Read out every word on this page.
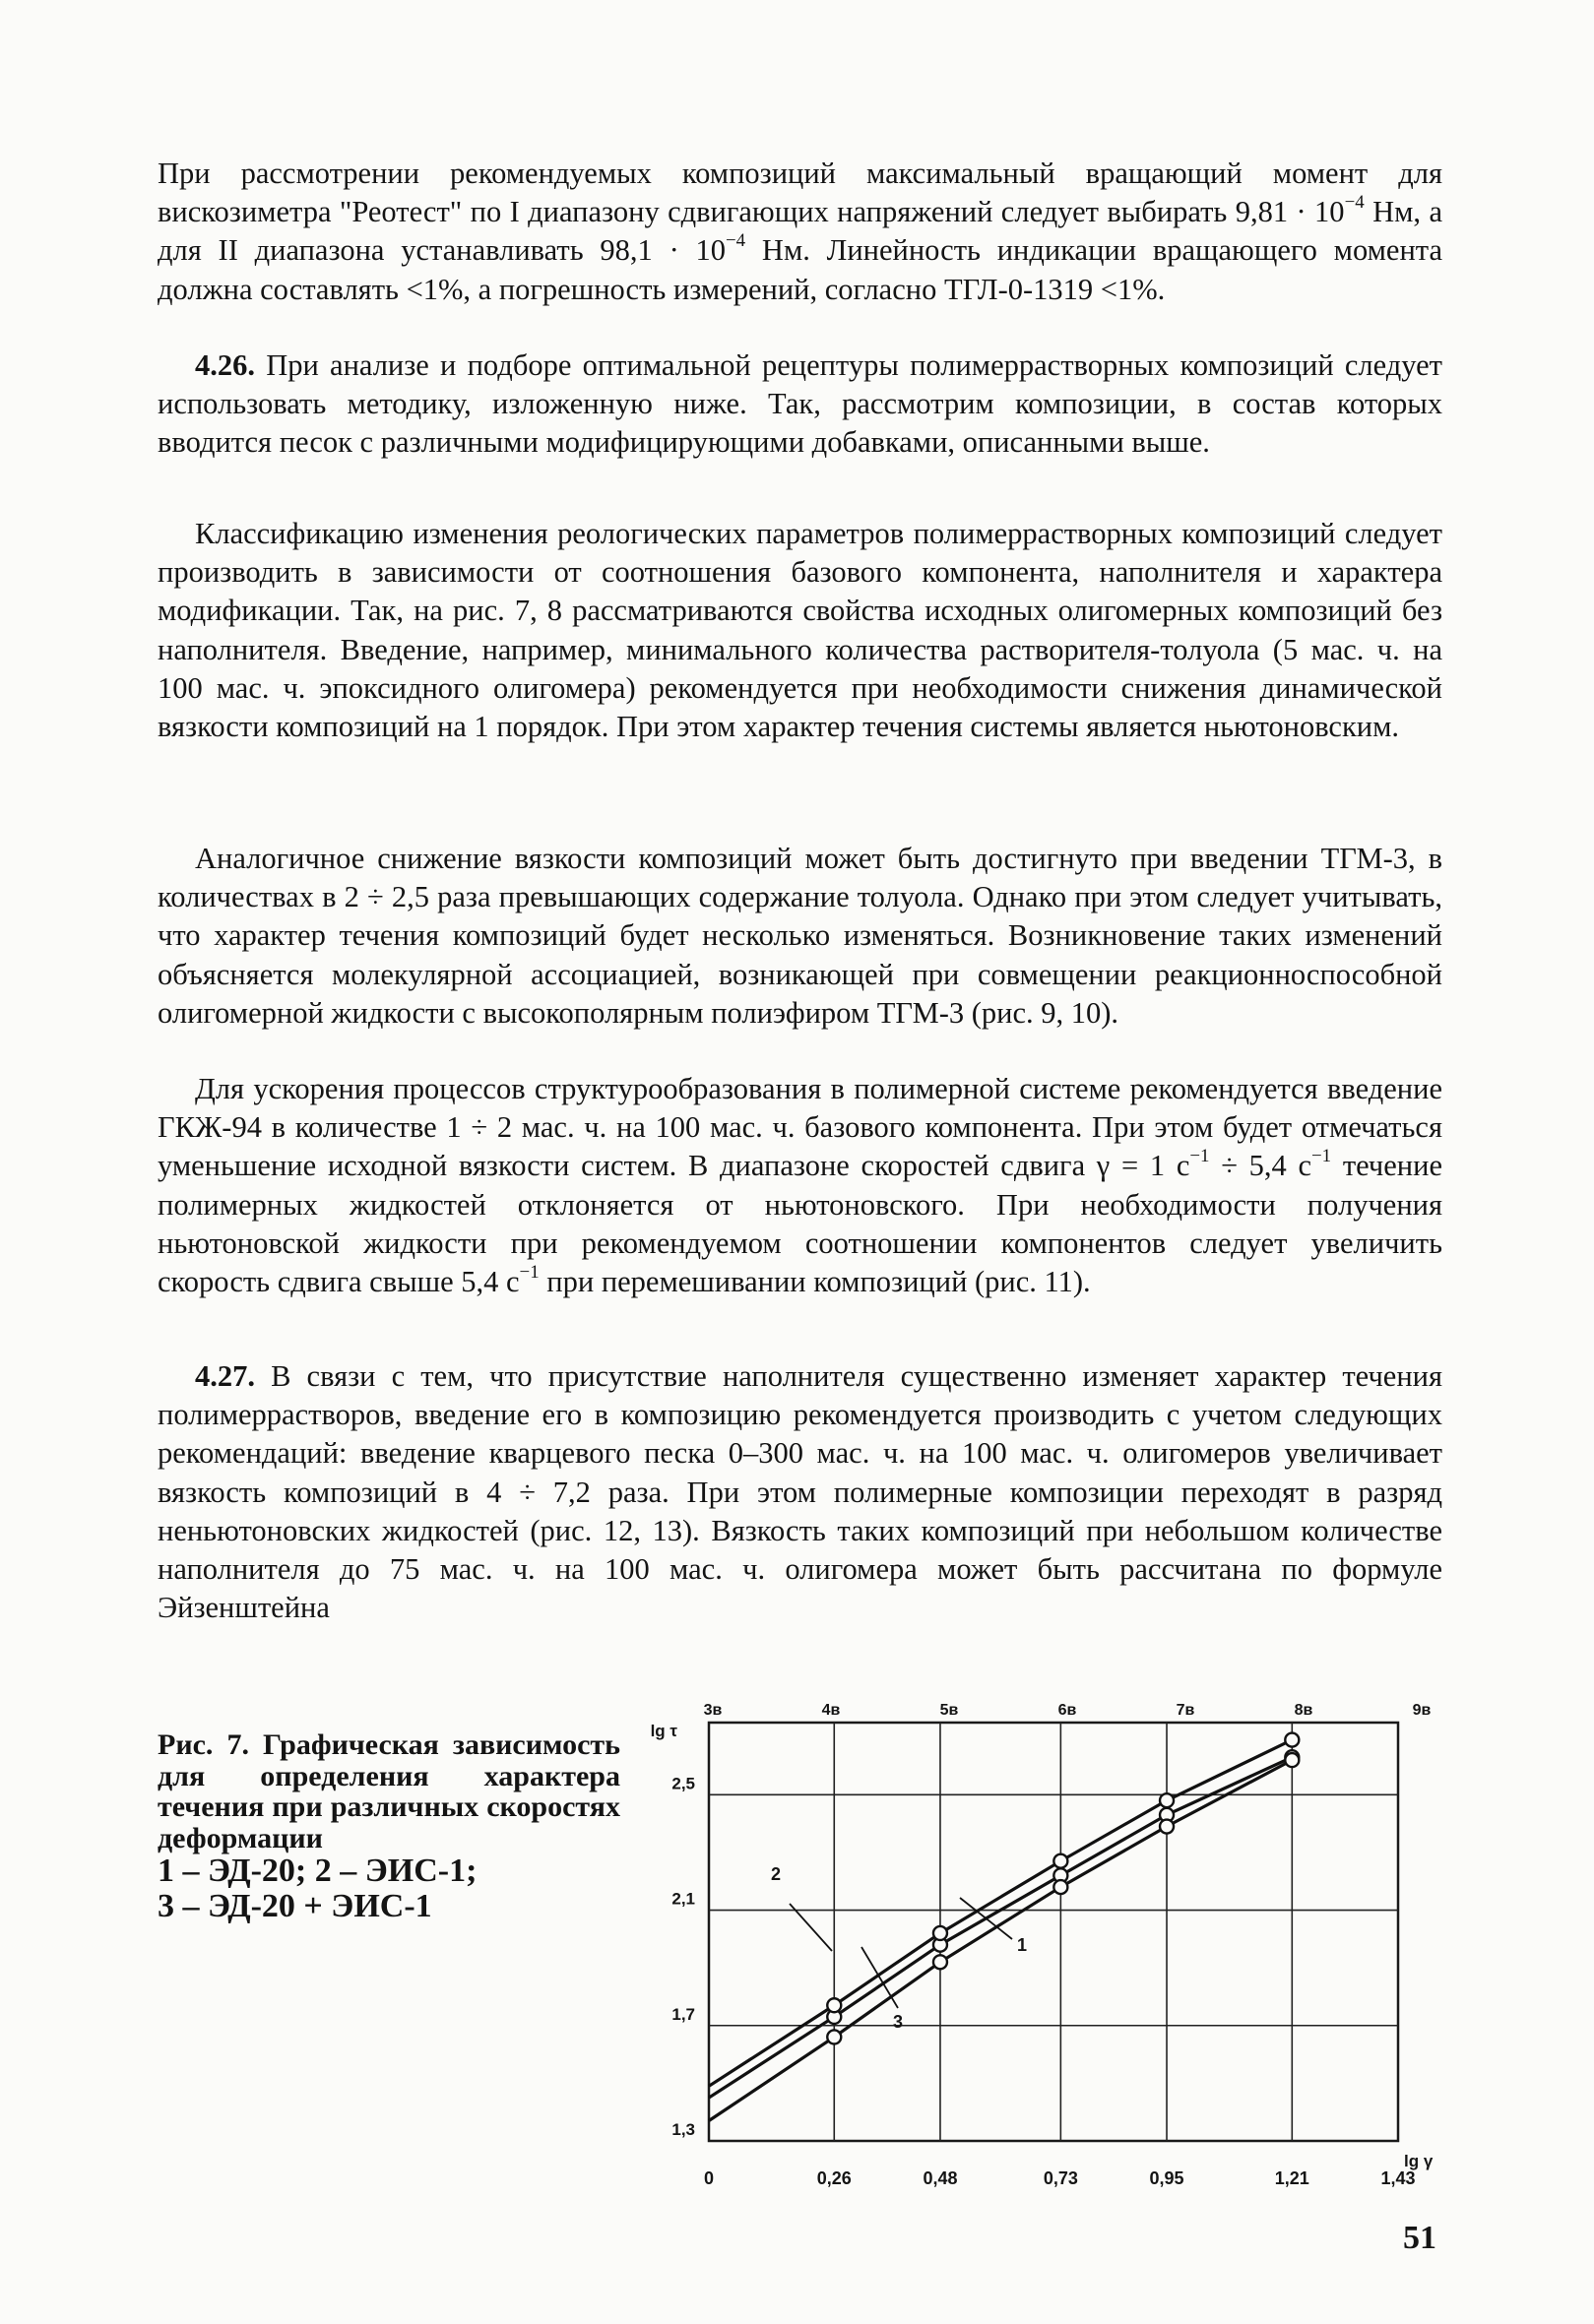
При рассмотрении рекомендуемых композиций максимальный вращающий момент для вискозиметра "Реотест" по I диапазону сдвигающих напряжений следует выбирать $9,81 \cdot 10^{-4}$ Нм, а для II диапазона устанавливать $98,1 \cdot 10^{-4}$ Нм. Линейность индикации вращающего момента должна составлять <1%, а погрешность измерений, согласно ТГЛ-0-1319 <1%.

4.26. При анализе и подборе оптимальной рецептуры полимеррастворных композиций следует использовать методику, изложенную ниже. Так, рассмотрим композиции, в состав которых вводится песок с различными модифицирующими добавками, описанными выше.

Классификацию изменения реологических параметров полимеррастворных композиций следует производить в зависимости от соотношения базового компонента, наполнителя и характера модификации. Так, на рис. 7, 8 рассматриваются свойства исходных олигомерных композиций без наполнителя. Введение, например, минимального количества растворителя-толуола (5 мас. ч. на 100 мас. ч. эпоксидного олигомера) рекомендуется при необходимости снижения динамической вязкости композиций на 1 порядок. При этом характер течения системы является ньютоновским.

Аналогичное снижение вязкости композиций может быть достигнуто при введении ТГМ-3, в количествах в 2 ÷ 2,5 раза превышающих содержание толуола. Однако при этом следует учитывать, что характер течения композиций будет несколько изменяться. Возникновение таких изменений объясняется молекулярной ассоциацией, возникающей при совмещении реакционноспособной олигомерной жидкости с высокополярным полиэфиром ТГМ-3 (рис. 9, 10).

Для ускорения процессов структурообразования в полимерной системе рекомендуется введение ГКЖ-94 в количестве 1 ÷ 2 мас. ч. на 100 мас. ч. базового компонента. При этом будет отмечаться уменьшение исходной вязкости систем. В диапазоне скоростей сдвига γ = 1 $с^{-1} \div 5,4$ $с^{-1}$ течение полимерных жидкостей отклоняется от ньютоновского. При необходимости получения ньютоновской жидкости при рекомендуемом соотношении компонентов следует увеличить скорость сдвига свыше 5,4 $с^{-1}$ при перемешивании композиций (рис. 11).

4.27. В связи с тем, что присутствие наполнителя существенно изменяет характер течения полимеррастворов, введение его в композицию рекомендуется производить с учетом следующих рекомендаций: введение кварцевого песка 0–300 мас. ч. на 100 мас. ч. олигомеров увеличивает вязкость композиций в 4 ÷ 7,2 раза. При этом полимерные композиции переходят в разряд неньютоновских жидкостей (рис. 12, 13). Вязкость таких композиций при небольшом количестве наполнителя до 75 мас. ч. на 100 мас. ч. олигомера может быть рассчитана по формуле Эйзенштейна

Рис. 7. Графическая зависимость для определения характера течения при различных скоростях деформации
1 – ЭД-20; 2 – ЭИС-1;
3 – ЭД-20 + ЭИС-1

0	0,26	0,48	0,73	0,95	1,21	1,43
1,3
1,7
2,1
2,5
3в	4в	5в	6в	7в	8в	9в
lg τ
lg γ
2
1
3

51
